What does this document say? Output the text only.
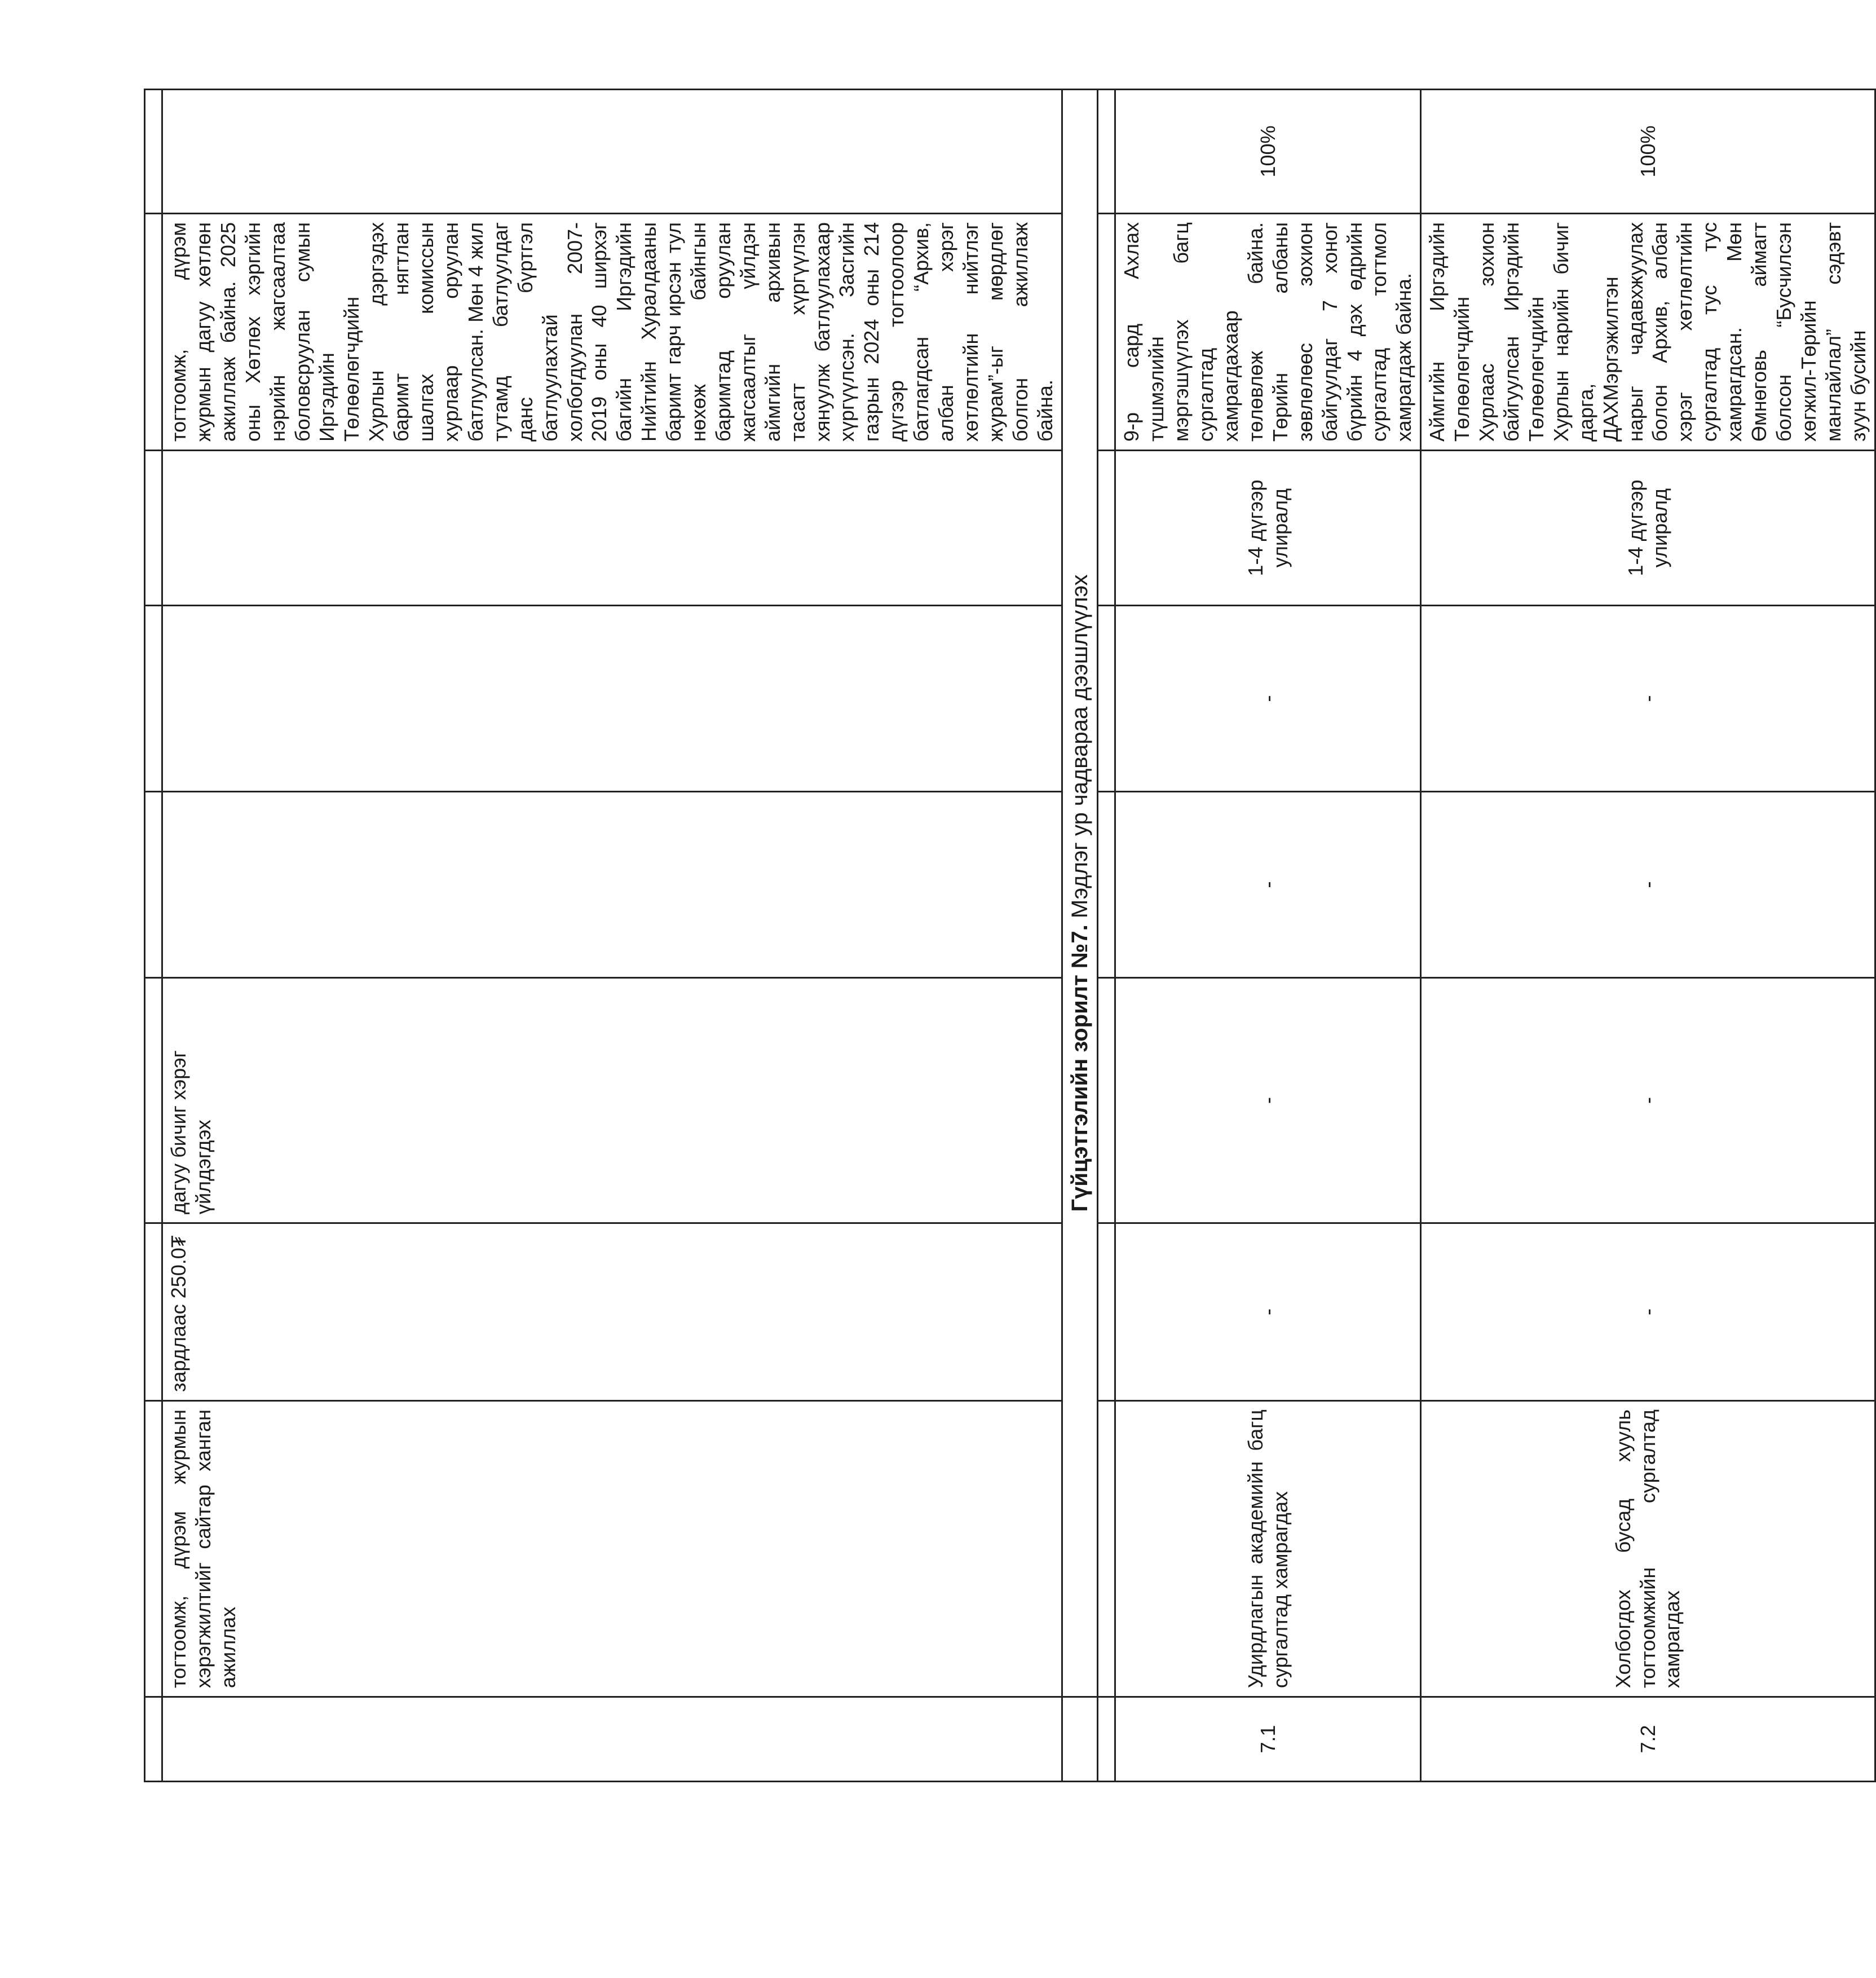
	тогтоомж, дүрэм журмын хэрэгжилтийг сайтар ханган ажиллах	зардлаас 250.0₮	дагуу бичиг хэрэг үйлдэгдэх				тогтоомж, дүрэм журмын дагуу хөтлөн ажиллаж байна. 2025 оны Хөтлөх хэргийн нэрийн жагсаалтаа боловсруулан сумын Иргэдийн Төлөөлөгчдийн Хурлын дэргэдэх баримт нягтлан шалгах комиссын хурлаар оруулан батлуулсан. Мөн 4 жил тутамд батлуулдаг данс бүртгэл батлуулахтай холбогдуулан 2007-2019 оны 40 ширхэг багийн Иргэдийн Нийтийн Хуралдааны баримт гарч ирсэн тул нөхөж байнгын баримтад оруулан жагсаалтыг үйлдэн аймгийн архивын тасагт хүргүүлэн хянуулж батлуулахаар хүргүүлсэн. Засгийн газрын 2024 оны 214 дүгээр тогтоолоор батлагдсан “Архив, албан хэрэг хөтлөлтийн нийтлэг журам”-ыг мөрдлөг болгон ажиллаж байна.	
	Гүйцэтгэлийн зорилт №7. Мэдлэг ур чадвараа дээшлүүлэх							

7.1	Удирдлагын академийн багц сургалтад хамрагдах	-	-	-	-	1-4 дүгээр улиралд	9-р сард Ахлах түшмэлийн мэргэшүүлэх багц сургалтад хамрагдахаар төлөвлөж байна. Төрийн албаны зөвлөлөөс зохион байгуулдаг 7 хоног бүрийн 4 дэх өдрийн сургалтад тогтмол хамрагдаж байна.	100%
7.2	Холбогдох бусад хууль тогтоомжийн сургалтад хамрагдах	-	-	-	-	1-4 дүгээр улиралд	Аймгийн Иргэдийн Төлөөлөгчдийн Хурлаас зохион байгуулсан Иргэдийн Төлөөлөгчдийн Хурлын нарийн бичиг дарга, ДАХМэргэжилтэн нарыг чадавхжуулах болон Архив, албан хэрэг хөтлөлтийн сургалтад тус тус хамрагдсан. Мөн Өмнөговь аймагт болсон “Бусчилсэн хөгжил-Төрийн манлайлал” сэдэвт зуун бусийн	100%
